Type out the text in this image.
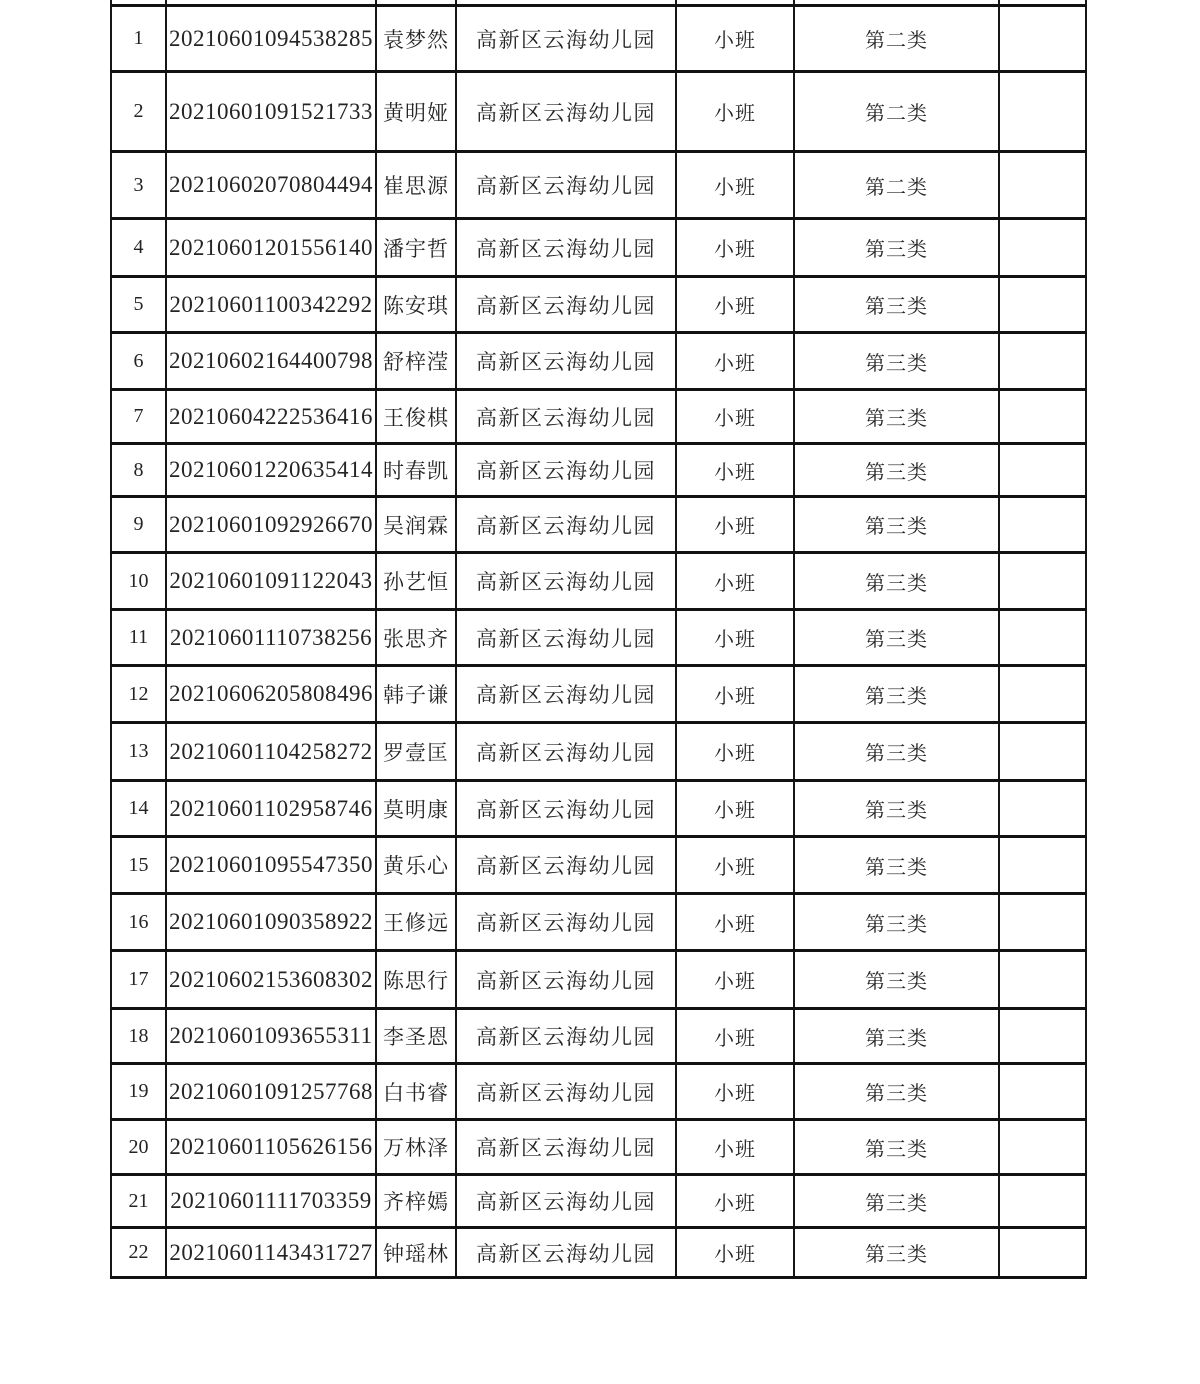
1	20210601094538285	袁梦然	高新区云海幼儿园	小班	第二类	
2	20210601091521733	黄明娅	高新区云海幼儿园	小班	第二类	
3	20210602070804494	崔思源	高新区云海幼儿园	小班	第二类	
4	20210601201556140	潘宇哲	高新区云海幼儿园	小班	第三类	
5	20210601100342292	陈安琪	高新区云海幼儿园	小班	第三类	
6	20210602164400798	舒梓滢	高新区云海幼儿园	小班	第三类	
7	20210604222536416	王俊棋	高新区云海幼儿园	小班	第三类	
8	20210601220635414	时春凯	高新区云海幼儿园	小班	第三类	
9	20210601092926670	吴润霖	高新区云海幼儿园	小班	第三类	
10	20210601091122043	孙艺恒	高新区云海幼儿园	小班	第三类	
11	20210601110738256	张思齐	高新区云海幼儿园	小班	第三类	
12	20210606205808496	韩子谦	高新区云海幼儿园	小班	第三类	
13	20210601104258272	罗壹匡	高新区云海幼儿园	小班	第三类	
14	20210601102958746	莫明康	高新区云海幼儿园	小班	第三类	
15	20210601095547350	黄乐心	高新区云海幼儿园	小班	第三类	
16	20210601090358922	王修远	高新区云海幼儿园	小班	第三类	
17	20210602153608302	陈思行	高新区云海幼儿园	小班	第三类	
18	20210601093655311	李圣恩	高新区云海幼儿园	小班	第三类	
19	20210601091257768	白书睿	高新区云海幼儿园	小班	第三类	
20	20210601105626156	万林泽	高新区云海幼儿园	小班	第三类	
21	20210601111703359	齐梓嫣	高新区云海幼儿园	小班	第三类	
22	20210601143431727	钟瑶林	高新区云海幼儿园	小班	第三类	
